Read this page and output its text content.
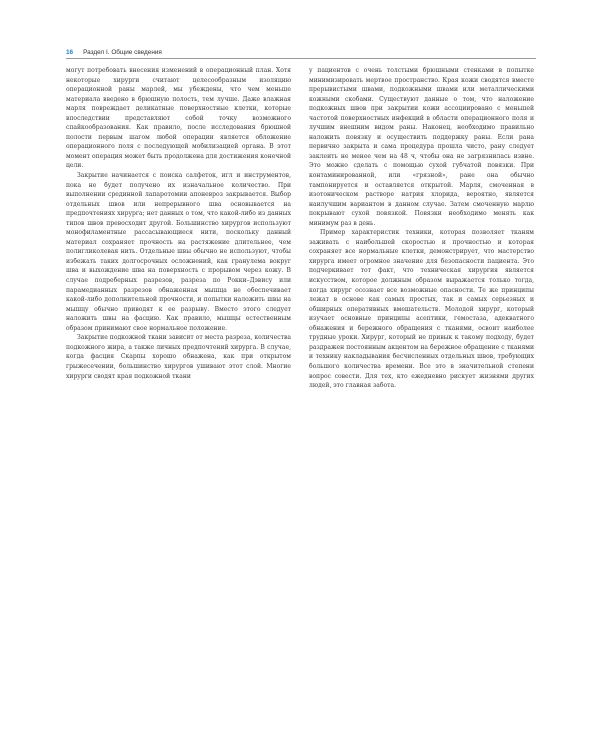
16 Раздел I. Общие сведения

могут потребовать внесения изменений в операционный план. Хотя некоторые хирурги считают целесообразным изоляцию операционной раны марлей, мы убеждены, что чем меньше материала введено в брюшную полость, тем лучше. Даже влажная марля повреждает деликатные поверхностные клетки, которые впоследствии представляют собой точку возможного спайкообразования. Как правило, после исследования брюшной полости первым шагом любой операции является обложение операционного поля с последующей мобилизацией органа. В этот момент операция может быть продолжена для достижения конечной цели.

Закрытие начинается с поиска салфеток, игл и инструментов, пока не будет получено их изначальное количество. При выполнении срединной лапаротомии апоневроз закрывается. Выбор отдельных швов или непрерывного шва основывается на предпочтениях хирурга; нет данных о том, что какой-либо из данных типов швов превосходит другой. Большинство хирургов используют монофиламентные рассасывающиеся нити, поскольку данный материал сохраняет прочность на растяжение длительнее, чем полигликолевая нить. Отдельные швы обычно не используют, чтобы избежать таких долгосрочных осложнений, как гранулема вокруг шва и выхождение шва на поверхность с прорывом через кожу. В случае подреберных разрезов, разреза по Рокки–Дэвису или парамедианных разрезов обнаженная мышца не обеспечивает какой-либо дополнительной прочности, и попытки наложить швы на мышцу обычно приводят к ее разрыву. Вместо этого следует наложить швы на фасцию. Как правило, мышцы естественным образом принимают свое нормальное положение.

Закрытие подкожной ткани зависит от места разреза, количества подкожного жира, а также личных предпочтений хирурга. В случае, когда фасция Скарпы хорошо обнажена, как при открытом грыжесечении, большинство хирургов ушивают этот слой. Многие хирурги сводят края подкожной ткани

у пациентов с очень толстыми брюшными стенками в попытке минимизировать мертвое пространство. Края кожи сводятся вместе прерывистыми швами, подкожными швами или металлическими кожными скобами. Существуют данные о том, что наложение подкожных швов при закрытии кожи ассоциировано с меньшей частотой поверхностных инфекций в области операционного поля и лучшим внешним видом раны. Наконец, необходимо правильно наложить повязку и осуществить поддержку раны. Если рана первично закрыта и сама процедура прошла чисто, рану следует заклеить не менее чем на 48 ч, чтобы она не загрязнилась извне. Это можно сделать с помощью сухой губчатой повязки. При контаминированной, или «грязной», ране она обычно тампонируется и оставляется открытой. Марля, смоченная в изотоническом растворе натрия хлорида, вероятно, является наилучшим вариантом в данном случае. Затем смоченную марлю покрывают сухой повязкой. Повязки необходимо менять как минимум раз в день.

Пример характеристик техники, которая позволяет тканям заживать с наибольшей скоростью и прочностью и которая сохраняет все нормальные клетки, демонстрирует, что мастерство хирурга имеет огромное значение для безопасности пациента. Это подчеркивает тот факт, что техническая хирургия является искусством, которое должным образом выражается только тогда, когда хирург осознает все возможные опасности. Те же принципы лежат в основе как самых простых, так и самых серьезных и обширных оперативных вмешательств. Молодой хирург, который изучает основные принципы асептики, гемостаза, адекватного обнажения и бережного обращения с тканями, освоит наиболее трудные уроки. Хирург, который не привык к такому подходу, будет раздражен постоянным акцентом на бережное обращение с тканями и технику накладывания бесчисленных отдельных швов, требующих большого количества времени. Все это в значительной степени вопрос совести. Для тех, кто ежедневно рискует жизнями других людей, это главная забота.
